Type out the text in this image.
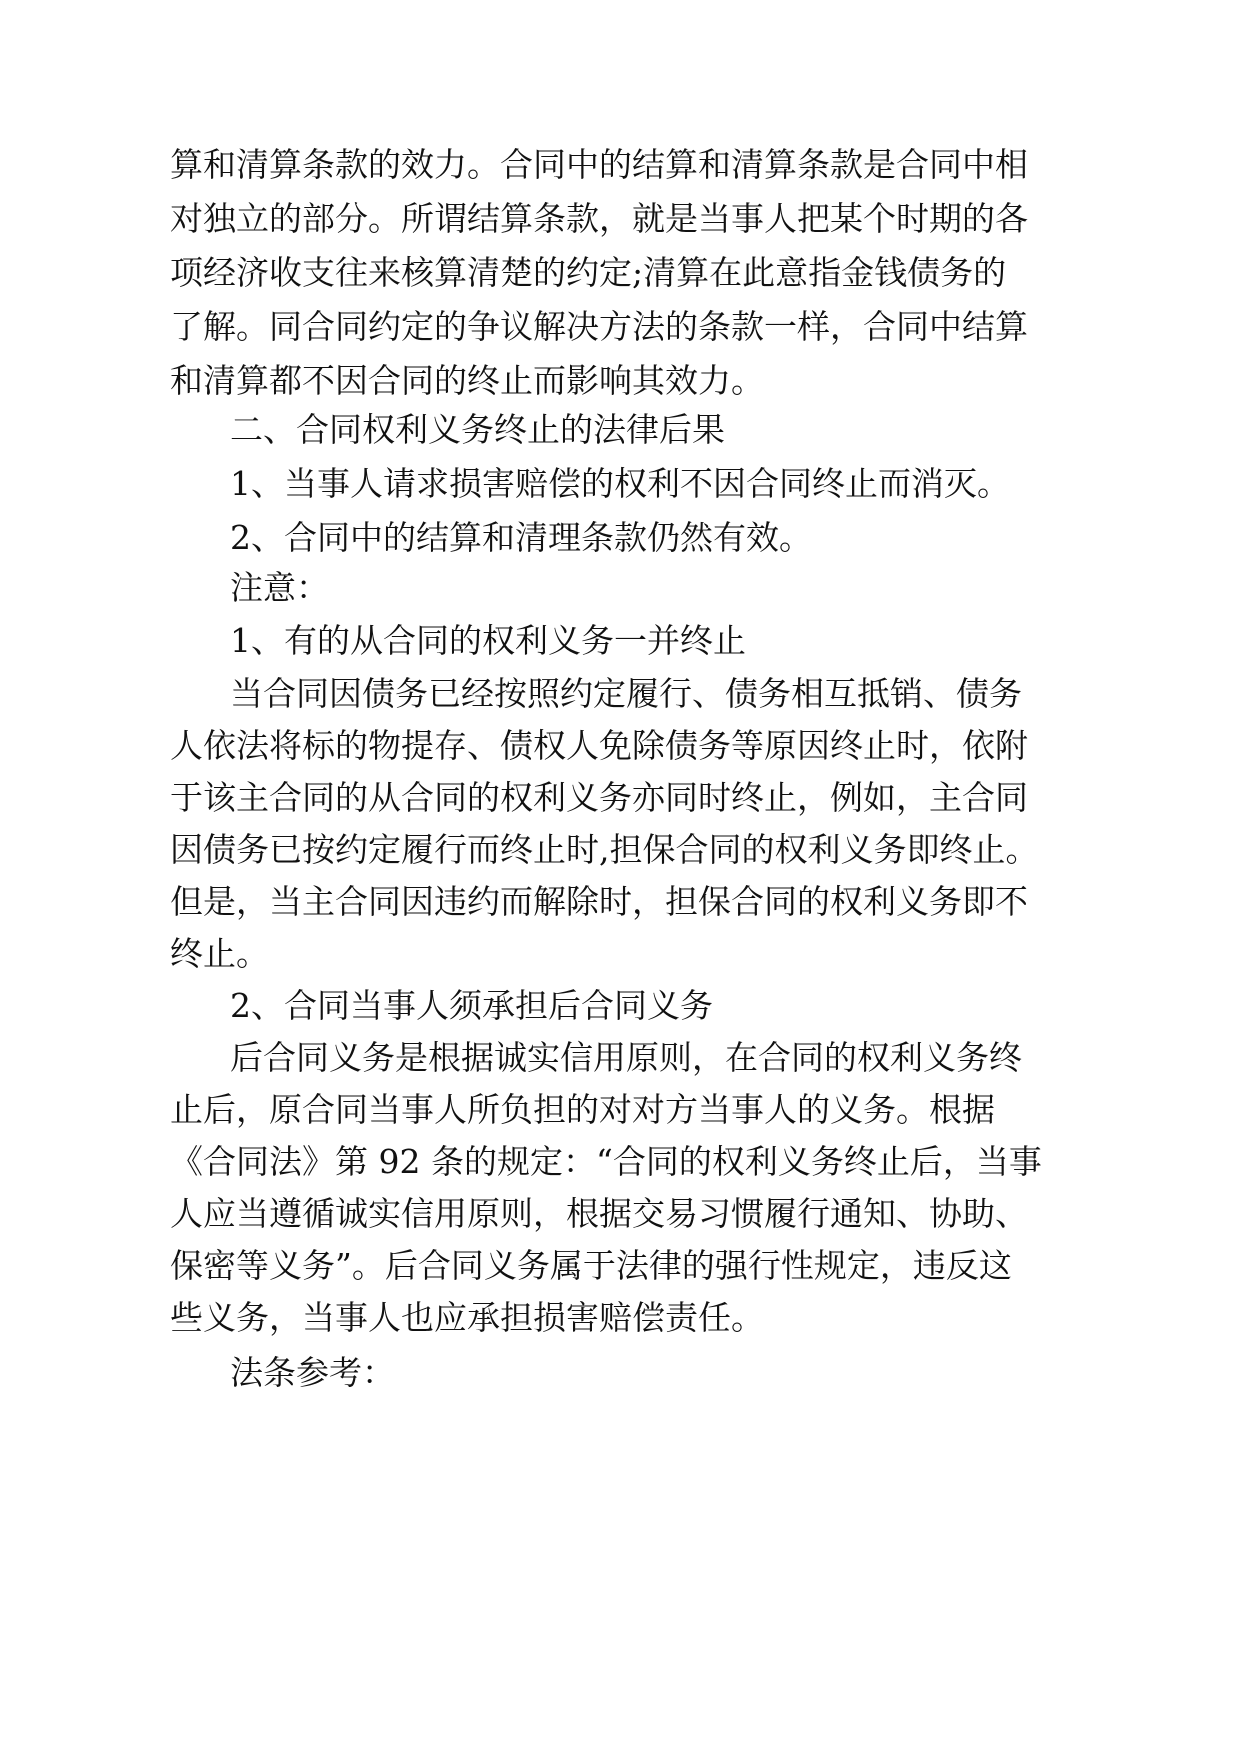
算和清算条款的效力。合同中的结算和清算条款是合同中相
对独立的部分。所谓结算条款，就是当事人把某个时期的各
项经济收支往来核算清楚的约定;清算在此意指金钱债务的
了解。同合同约定的争议解决方法的条款一样，合同中结算
和清算都不因合同的终止而影响其效力。
二、合同权利义务终止的法律后果
1、当事人请求损害赔偿的权利不因合同终止而消灭。
2、合同中的结算和清理条款仍然有效。
注意：
1、有的从合同的权利义务一并终止
当合同因债务已经按照约定履行、债务相互抵销、债务
人依法将标的物提存、债权人免除债务等原因终止时，依附
于该主合同的从合同的权利义务亦同时终止，例如，主合同
因债务已按约定履行而终止时,担保合同的权利义务即终止。
但是，当主合同因违约而解除时，担保合同的权利义务即不
终止。
2、合同当事人须承担后合同义务
后合同义务是根据诚实信用原则，在合同的权利义务终
止后，原合同当事人所负担的对对方当事人的义务。根据
《合同法》第 92 条的规定：“合同的权利义务终止后，当事
人应当遵循诚实信用原则，根据交易习惯履行通知、协助、
保密等义务”。后合同义务属于法律的强行性规定，违反这
些义务，当事人也应承担损害赔偿责任。
法条参考：
